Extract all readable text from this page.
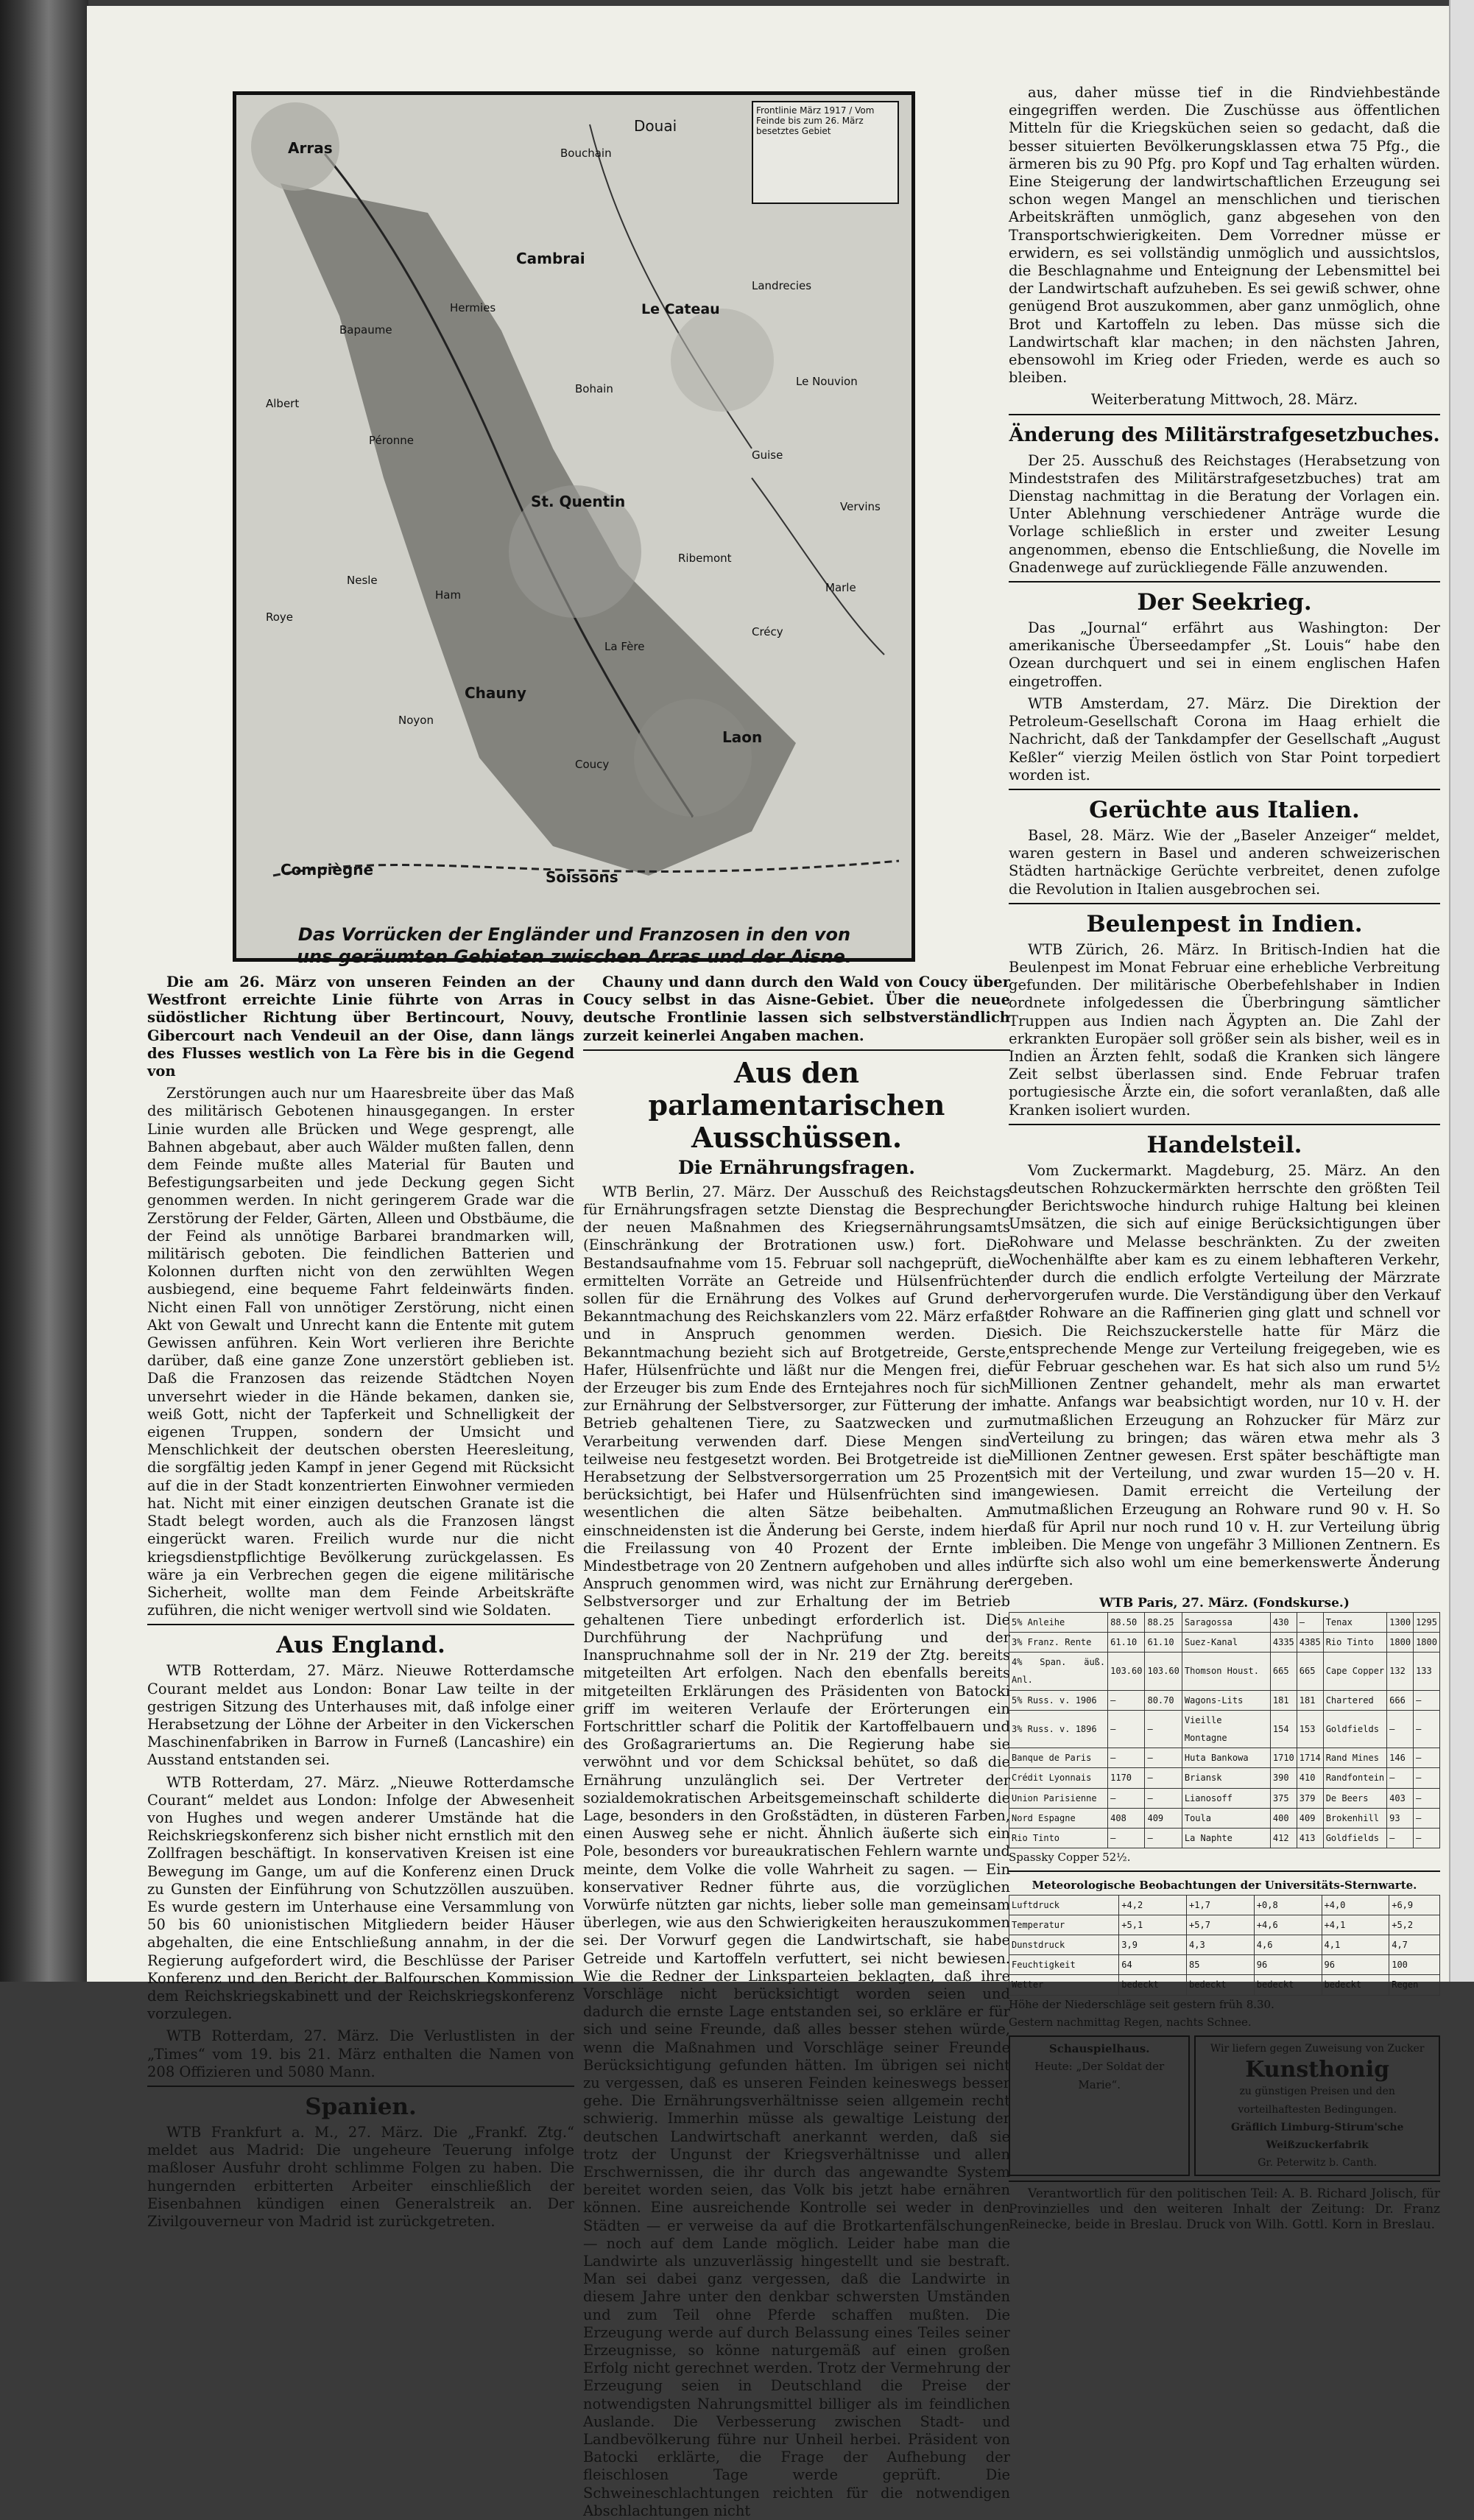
Frontlinie März 1917 / Vom Feinde bis zum 26. März besetztes Gebiet
Arras
Douai
Bouchain
Cambrai
Bapaume
Hermies	Le Cateau
Landrecies
Le Nouvion
Péronne
Bohain
St. Quentin
Guise
Vervins
Ribemont
Ham
Nesle
Marle
La Fère
Crécy
Chauny
Noyon
Laon
Coucy
Compiègne	Soissons
Albert
Roye
Das Vorrücken der Engländer und Franzosen in den von uns geräumten Gebieten zwischen Arras und der Aisne.

Die am 26. März von unseren Feinden an der Westfront erreichte Linie führte von Arras in südöstlicher Richtung über Bertincourt, Nouvy, Gibercourt nach Vendeuil an der Oise, dann längs des Flusses westlich von La Fère bis in die Gegend von

Zerstörungen auch nur um Haaresbreite über das Maß des militärisch Gebotenen hinausgegangen. In erster Linie wurden alle Brücken und Wege gesprengt, alle Bahnen abgebaut, aber auch Wälder mußten fallen, denn dem Feinde mußte alles Material für Bauten und Befestigungsarbeiten und jede Deckung gegen Sicht genommen werden. In nicht geringerem Grade war die Zerstörung der Felder, Gärten, Alleen und Obstbäume, die der Feind als unnötige Barbarei brandmarken will, militärisch geboten. Die feindlichen Batterien und Kolonnen durften nicht von den zerwühlten Wegen ausbiegend, eine bequeme Fahrt feldeinwärts finden. Nicht einen Fall von unnötiger Zerstörung, nicht einen Akt von Gewalt und Unrecht kann die Entente mit gutem Gewissen anführen. Kein Wort verlieren ihre Berichte darüber, daß eine ganze Zone unzerstört geblieben ist. Daß die Franzosen das reizende Städtchen Noyen unversehrt wieder in die Hände bekamen, danken sie, weiß Gott, nicht der Tapferkeit und Schnelligkeit der eigenen Truppen, sondern der Umsicht und Menschlichkeit der deutschen obersten Heeresleitung, die sorgfältig jeden Kampf in jener Gegend mit Rücksicht auf die in der Stadt konzentrierten Einwohner vermieden hat. Nicht mit einer einzigen deutschen Granate ist die Stadt belegt worden, auch als die Franzosen längst eingerückt waren. Freilich wurde nur die nicht kriegsdienstpflichtige Bevölkerung zurückgelassen. Es wäre ja ein Verbrechen gegen die eigene militärische Sicherheit, wollte man dem Feinde Arbeitskräfte zuführen, die nicht weniger wertvoll sind wie Soldaten.

Aus England.

WTB Rotterdam, 27. März. Nieuwe Rotterdamsche Courant meldet aus London: Bonar Law teilte in der gestrigen Sitzung des Unterhauses mit, daß infolge einer Herabsetzung der Löhne der Arbeiter in den Vickerschen Maschinenfabriken in Barrow in Furneß (Lancashire) ein Ausstand entstanden sei.

WTB Rotterdam, 27. März. „Nieuwe Rotterdamsche Courant“ meldet aus London: Infolge der Abwesenheit von Hughes und wegen anderer Umstände hat die Reichskriegskonferenz sich bisher nicht ernstlich mit den Zollfragen beschäftigt. In konservativen Kreisen ist eine Bewegung im Gange, um auf die Konferenz einen Druck zu Gunsten der Einführung von Schutzzöllen auszuüben. Es wurde gestern im Unterhause eine Versammlung von 50 bis 60 unionistischen Mitgliedern beider Häuser abgehalten, die eine Entschließung annahm, in der die Regierung aufgefordert wird, die Beschlüsse der Pariser Konferenz und den Bericht der Balfourschen Kommission dem Reichskriegskabinett und der Reichskriegskonferenz vorzulegen.

WTB Rotterdam, 27. März. Die Verlustlisten in der „Times“ vom 19. bis 21. März enthalten die Namen von 208 Offizieren und 5080 Mann.

Spanien.

WTB Frankfurt a. M., 27. März. Die „Frankf. Ztg.“ meldet aus Madrid: Die ungeheure Teuerung infolge maßloser Ausfuhr droht schlimme Folgen zu haben. Die hungernden erbitterten Arbeiter einschließlich der Eisenbahnen kündigen einen Generalstreik an. Der Zivilgouverneur von Madrid ist zurückgetreten.

Chauny und dann durch den Wald von Coucy über Coucy selbst in das Aisne-Gebiet. Über die neue deutsche Frontlinie lassen sich selbstverständlich zurzeit keinerlei Angaben machen.

Aus den parlamentarischen Ausschüssen.
Die Ernährungsfragen.

WTB Berlin, 27. März. Der Ausschuß des Reichstags für Ernährungsfragen setzte Dienstag die Besprechung der neuen Maßnahmen des Kriegsernährungsamts (Einschränkung der Brotrationen usw.) fort. Die Bestandsaufnahme vom 15. Februar soll nachgeprüft, die ermittelten Vorräte an Getreide und Hülsenfrüchten sollen für die Ernährung des Volkes auf Grund der Bekanntmachung des Reichskanzlers vom 22. März erfaßt und in Anspruch genommen werden. Die Bekanntmachung bezieht sich auf Brotgetreide, Gerste, Hafer, Hülsenfrüchte und läßt nur die Mengen frei, die der Erzeuger bis zum Ende des Erntejahres noch für sich zur Ernährung der Selbstversorger, zur Fütterung der im Betrieb gehaltenen Tiere, zu Saatzwecken und zur Verarbeitung verwenden darf. Diese Mengen sind teilweise neu festgesetzt worden. Bei Brotgetreide ist die Herabsetzung der Selbstversorgerration um 25 Prozent berücksichtigt, bei Hafer und Hülsenfrüchten sind im wesentlichen die alten Sätze beibehalten. Am einschneidensten ist die Änderung bei Gerste, indem hier die Freilassung von 40 Prozent der Ernte im Mindestbetrage von 20 Zentnern aufgehoben und alles in Anspruch genommen wird, was nicht zur Ernährung der Selbstversorger und zur Erhaltung der im Betrieb gehaltenen Tiere unbedingt erforderlich ist. Die Durchführung der Nachprüfung und der Inanspruchnahme soll der in Nr. 219 der Ztg. bereits mitgeteilten Art erfolgen. Nach den ebenfalls bereits mitgeteilten Erklärungen des Präsidenten von Batocki griff im weiteren Verlaufe der Erörterungen ein Fortschrittler scharf die Politik der Kartoffelbauern und des Großagrariertums an. Die Regierung habe sie verwöhnt und vor dem Schicksal behütet, so daß die Ernährung unzulänglich sei. Der Vertreter der sozialdemokratischen Arbeitsgemeinschaft schilderte die Lage, besonders in den Großstädten, in düsteren Farben, einen Ausweg sehe er nicht. Ähnlich äußerte sich ein Pole, besonders vor bureaukratischen Fehlern warnte und meinte, dem Volke die volle Wahrheit zu sagen. — Ein konservativer Redner führte aus, die vorzüglichen Vorwürfe nützten gar nichts, lieber solle man gemeinsam überlegen, wie aus den Schwierigkeiten herauszukommen sei. Der Vorwurf gegen die Landwirtschaft, sie habe Getreide und Kartoffeln verfuttert, sei nicht bewiesen. Wie die Redner der Linksparteien beklagten, daß ihre Vorschläge nicht berücksichtigt worden seien und dadurch die ernste Lage entstanden sei, so erkläre er für sich und seine Freunde, daß alles besser stehen würde, wenn die Maßnahmen und Vorschläge seiner Freunde Berücksichtigung gefunden hätten. Im übrigen sei nicht zu vergessen, daß es unseren Feinden keineswegs besser gehe. Die Ernährungsverhältnisse seien allgemein recht schwierig. Immerhin müsse als gewaltige Leistung der deutschen Landwirtschaft anerkannt werden, daß sie trotz der Ungunst der Kriegsverhältnisse und allen Erschwernissen, die ihr durch das angewandte System bereitet worden seien, das Volk bis jetzt habe ernähren können. Eine ausreichende Kontrolle sei weder in den Städten — er verweise da auf die Brotkartenfälschungen — noch auf dem Lande möglich. Leider habe man die Landwirte als unzuverlässig hingestellt und sie bestraft. Man sei dabei ganz vergessen, daß die Landwirte in diesem Jahre unter den denkbar schwersten Umständen und zum Teil ohne Pferde schaffen mußten. Die Erzeugung werde auf durch Belassung eines Teiles seiner Erzeugnisse, so könne naturgemäß auf einen großen Erfolg nicht gerechnet werden. Trotz der Vermehrung der Erzeugung seien in Deutschland die Preise der notwendigsten Nahrungsmittel billiger als im feindlichen Auslande. Die Verbesserung zwischen Stadt- und Landbevölkerung führe nur Unheil herbei. Präsident von Batocki erklärte, die Frage der Aufhebung der fleischlosen Tage werde geprüft. Die Schweineschlachtungen reichten für die notwendigen Abschlachtungen nicht

aus, daher müsse tief in die Rindviehbestände eingegriffen werden. Die Zuschüsse aus öffentlichen Mitteln für die Kriegsküchen seien so gedacht, daß die besser situierten Bevölkerungsklassen etwa 75 Pfg., die ärmeren bis zu 90 Pfg. pro Kopf und Tag erhalten würden. Eine Steigerung der landwirtschaftlichen Erzeugung sei schon wegen Mangel an menschlichen und tierischen Arbeitskräften unmöglich, ganz abgesehen von den Transportschwierigkeiten. Dem Vorredner müsse er erwidern, es sei vollständig unmöglich und aussichtslos, die Beschlagnahme und Enteignung der Lebensmittel bei der Landwirtschaft aufzuheben. Es sei gewiß schwer, ohne genügend Brot auszukommen, aber ganz unmöglich, ohne Brot und Kartoffeln zu leben. Das müsse sich die Landwirtschaft klar machen; in den nächsten Jahren, ebensowohl im Krieg oder Frieden, werde es auch so bleiben.

Weiterberatung Mittwoch, 28. März.

Änderung des Militärstrafgesetzbuches.

Der 25. Ausschuß des Reichstages (Herabsetzung von Mindeststrafen des Militärstrafgesetzbuches) trat am Dienstag nachmittag in die Beratung der Vorlagen ein. Unter Ablehnung verschiedener Anträge wurde die Vorlage schließlich in erster und zweiter Lesung angenommen, ebenso die Entschließung, die Novelle im Gnadenwege auf zurückliegende Fälle anzuwenden.

Der Seekrieg.

Das „Journal“ erfährt aus Washington: Der amerikanische Überseedampfer „St. Louis“ habe den Ozean durchquert und sei in einem englischen Hafen eingetroffen.

WTB Amsterdam, 27. März. Die Direktion der Petroleum-Gesellschaft Corona im Haag erhielt die Nachricht, daß der Tankdampfer der Gesellschaft „August Keßler“ vierzig Meilen östlich von Star Point torpediert worden ist.

Gerüchte aus Italien.

Basel, 28. März. Wie der „Baseler Anzeiger“ meldet, waren gestern in Basel und anderen schweizerischen Städten hartnäckige Gerüchte verbreitet, denen zufolge die Revolution in Italien ausgebrochen sei.

Beulenpest in Indien.

WTB Zürich, 26. März. In Britisch-Indien hat die Beulenpest im Monat Februar eine erhebliche Verbreitung gefunden. Der militärische Oberbefehlshaber in Indien ordnete infolgedessen die Überbringung sämtlicher Truppen aus Indien nach Ägypten an. Die Zahl der erkrankten Europäer soll größer sein als bisher, weil es in Indien an Ärzten fehlt, sodaß die Kranken sich längere Zeit selbst überlassen sind. Ende Februar trafen portugiesische Ärzte ein, die sofort veranlaßten, daß alle Kranken isoliert wurden.

Handelsteil.

Vom Zuckermarkt. Magdeburg, 25. März. An den deutschen Rohzuckermärkten herrschte den größten Teil der Berichtswoche hindurch ruhige Haltung bei kleinen Umsätzen, die sich auf einige Berücksichtigungen über Rohware und Melasse beschränkten. Zu der zweiten Wochenhälfte aber kam es zu einem lebhafteren Verkehr, der durch die endlich erfolgte Verteilung der Märzrate hervorgerufen wurde. Die Verständigung über den Verkauf der Rohware an die Raffinerien ging glatt und schnell vor sich. Die Reichszuckerstelle hatte für März die entsprechende Menge zur Verteilung freigegeben, wie es für Februar geschehen war. Es hat sich also um rund 5½ Millionen Zentner gehandelt, mehr als man erwartet hatte. Anfangs war beabsichtigt worden, nur 10 v. H. der mutmaßlichen Erzeugung an Rohzucker für März zur Verteilung zu bringen; das wären etwa mehr als 3 Millionen Zentner gewesen. Erst später beschäftigte man sich mit der Verteilung, und zwar wurden 15—20 v. H. angewiesen. Damit erreicht die Verteilung der mutmaßlichen Erzeugung an Rohware rund 90 v. H. So daß für April nur noch rund 10 v. H. zur Verteilung übrig bleiben. Die Menge von ungefähr 3 Millionen Zentnern. Es dürfte sich also wohl um eine bemerkenswerte Änderung ergeben.

WTB Paris, 27. März. (Fondskurse.)
5% Anleihe	88.50	88.25	Saragossa	430	—	Tenax	1300	1295
3% Franz. Rente	61.10	61.10	Suez-Kanal	4335	4385	Rio Tinto	1800	1800
4% Span. äuß. Anl.	103.60	103.60	Thomson Houst.	665	665	Cape Copper	132	133
5% Russ. v. 1906	—	80.70	Wagons-Lits	181	181	Chartered	666	—
3% Russ. v. 1896	—	—	Vieille Montagne	154	153	Goldfields	—	—
Banque de Paris	—	—	Huta Bankowa	1710	1714	Rand Mines	146	—
Crédit Lyonnais	1170	—	Briansk	390	410	Randfontein	—	—
Union Parisienne	—	—	Lianosoff	375	379	De Beers	403	—
Nord Espagne	408	409	Toula	400	409	Brokenhill	93	—
Rio Tinto	—	—	La Naphte	412	413	Goldfields	—	—
Spassky Copper 52½.
Meteorologische Beobachtungen der Universitäts-Sternwarte.
Luftdruck	+4,2	+1,7	+0,8	+4,0	+6,9
Temperatur	+5,1	+5,7	+4,6	+4,1	+5,2
Dunstdruck	3,9	4,3	4,6	4,1	4,7
Feuchtigkeit	64	85	96	96	100
Wetter	bedeckt	bedeckt	bedeckt	bedeckt	Regen
Höhe der Niederschläge seit gestern früh 8.30.
Gestern nachmittag Regen, nachts Schnee.
Schauspielhaus.
Heute: „Der Soldat der Marie“.
Wir liefern gegen Zuweisung von Zucker
Kunsthonig
zu günstigen Preisen und den vorteilhaftesten Bedingungen.
Gräflich Limburg-Stirum'sche Weißzuckerfabrik
Gr. Peterwitz b. Canth.

Verantwortlich für den politischen Teil: A. B. Richard Jolisch, für Provinzielles und den weiteren Inhalt der Zeitung: Dr. Franz Reinecke, beide in Breslau. Druck von Wilh. Gottl. Korn in Breslau.
